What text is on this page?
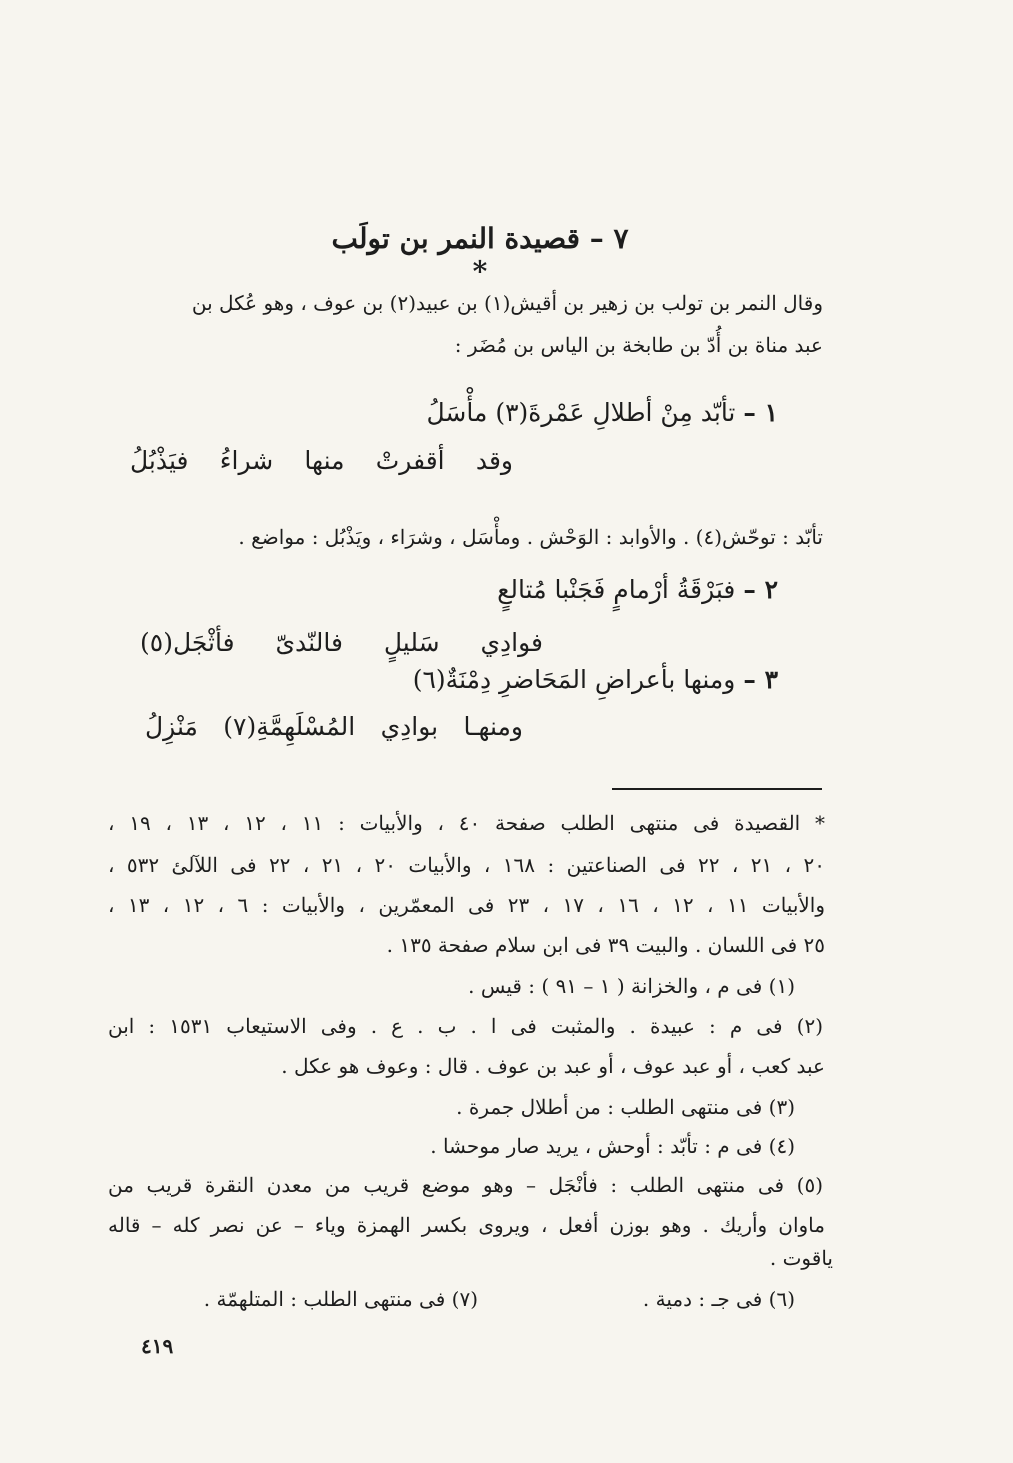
٧ – قصيدة النمر بن تولَب *
وقال النمر بن تولب بن زهير بن أقيش(١) بن عبيد(٢) بن عوف ، وهو عُكل بن
عبد مناة بن أُدّ بن طابخة بن الياس بن مُضَر :
١ – تأبّد مِنْ أطلالِ عَمْرةَ(٣) مأْسَلُ
وقد أقفرتْ منها شراءُ فيَذْبُلُ
تأبّد : توحّش(٤) . والأوابد : الوَحْش . ومأْسَل ، وشرَاء ، ويَذْبُل : مواضع .
٢ – فبَرْقَةُ أرْمامٍ فَجَنْبا مُتالعٍ
فوادِي سَليلٍ فالنّدىّ فأثْجَل(٥)
٣ – ومنها بأعراضِ المَحَاضرِ دِمْنَةٌ(٦)
ومنهـا بوادِي المُسْلَهِمَّةِ(٧) مَنْزِلُ
* القصيدة فى منتهى الطلب صفحة ٤٠ ، والأبيات : ١١ ، ١٢ ، ١٣ ، ١٩ ،
٢٠ ، ٢١ ، ٢٢ فى الصناعتين : ١٦٨ ، والأبيات ٢٠ ، ٢١ ، ٢٢ فى اللآلئ ٥٣٢ ،
والأبيات ١١ ، ١٢ ، ١٦ ، ١٧ ، ٢٣ فى المعمّرين ، والأبيات : ٦ ، ١٢ ، ١٣ ،
٢٥ فى اللسان . والبيت ٣٩ فى ابن سلام صفحة ١٣٥ .
(١) فى م ، والخزانة ( ١ – ٩١ ) : قيس .
(٢) فى م : عبيدة . والمثبت فى ا . ب . ع . وفى الاستيعاب ١٥٣١ : ابن
عبد كعب ، أو عبد عوف ، أو عبد بن عوف . قال : وعوف هو عكل .
(٣) فى منتهى الطلب : من أطلال جمرة .
(٤) فى م : تأبّد : أوحش ، يريد صار موحشا .
(٥) فى منتهى الطلب : فأنْجَل – وهو موضع قريب من معدن النقرة قريب من
ماوان وأريك . وهو بوزن أفعل ، ويروى بكسر الهمزة وياء – عن نصر كله – قاله
ياقوت .
(٦) فى جـ : دمية .
(٧) فى منتهى الطلب : المتلهمّة .
٤١٩
